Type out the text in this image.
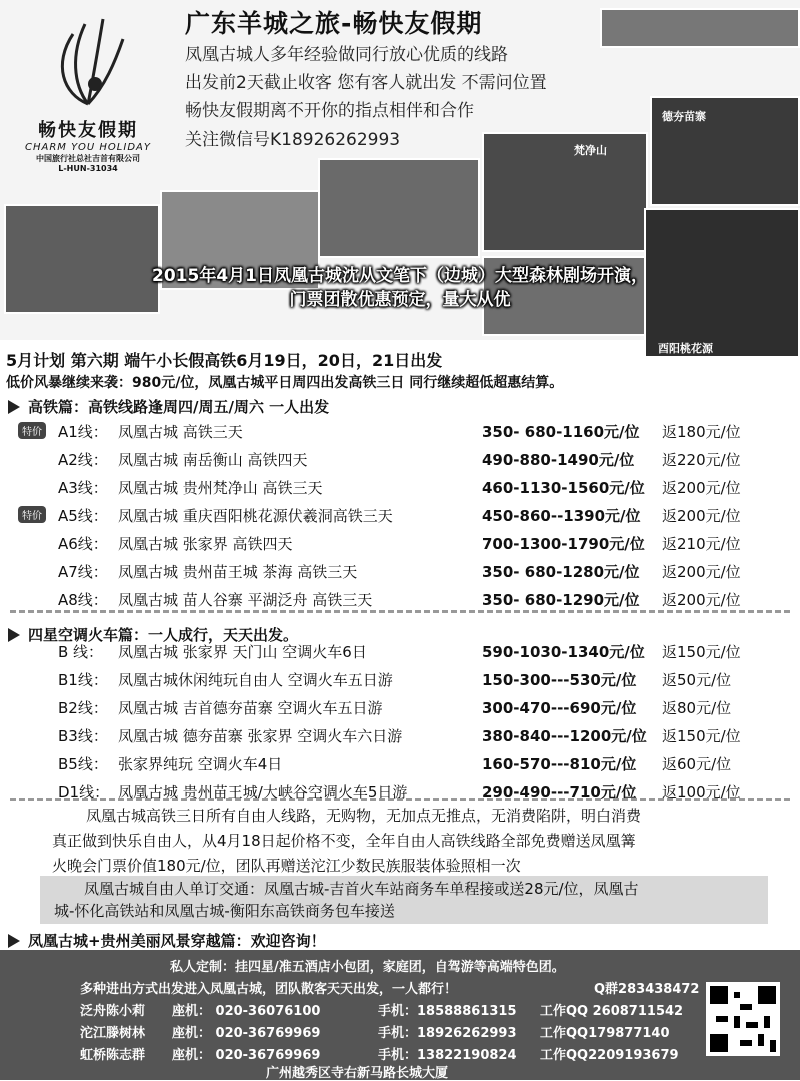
畅快友假期
CHARM YOU HOLIDAY
中国旅行社总社吉首有限公司
L-HUN-31034
广东羊城之旅-畅快友假期
凤凰古城人多年经验做同行放心优质的线路
出发前2天截止收客 您有客人就出发 不需问位置
畅快友假期离不开你的指点相伴和合作
关注微信号K18926262993
德夯苗寨
梵净山
酉阳桃花源
2015年4月1日凤凰古城沈从文笔下（边城）大型森林剧场开演，
门票团散优惠预定，量大从优
5月计划 第六期 端午小长假高铁6月19日，20日，21日出发
低价风暴继续来袭：980元/位，凤凰古城平日周四出发高铁三日 同行继续超低超惠结算。
高铁篇：高铁线路逢周四/周五/周六 一人出发
特价 A1线： 凤凰古城 高铁三天	350- 680-1160元/位 返180元/位
A2线： 凤凰古城 南岳衡山 高铁四天	490-880-1490元/位 返220元/位
A3线： 凤凰古城 贵州梵净山 高铁三天	460-1130-1560元/位 返200元/位
特价 A5线： 凤凰古城 重庆酉阳桃花源伏羲洞高铁三天	450-860--1390元/位 返200元/位
A6线： 凤凰古城 张家界 高铁四天	700-1300-1790元/位 返210元/位
A7线： 凤凰古城 贵州苗王城 茶海 高铁三天	350- 680-1280元/位 返200元/位
A8线： 凤凰古城 苗人谷寨 平湖泛舟 高铁三天	350- 680-1290元/位 返200元/位
四星空调火车篇：一人成行，天天出发。
B 线： 凤凰古城 张家界 天门山 空调火车6日	590-1030-1340元/位 返150元/位
B1线： 凤凰古城休闲纯玩自由人 空调火车五日游	150-300---530元/位 返50元/位
B2线： 凤凰古城 吉首德夯苗寨 空调火车五日游	300-470---690元/位 返80元/位
B3线： 凤凰古城 德夯苗寨 张家界 空调火车六日游	380-840---1200元/位 返150元/位
B5线： 张家界纯玩 空调火车4日	160-570---810元/位 返60元/位
D1线： 凤凰古城 贵州苗王城/大峡谷空调火车5日游	290-490---710元/位 返100元/位
凤凰古城高铁三日所有自由人线路，无购物，无加点无推点，无消费陷阱，明白消费
真正做到快乐自由人，从4月18日起价格不变，全年自由人高铁线路全部免费赠送凤凰篝
火晚会门票价值180元/位，团队再赠送沱江少数民族服装体验照相一次
凤凰古城自由人单订交通：凤凰古城-吉首火车站商务车单程接或送28元/位，凤凰古
城-怀化高铁站和凤凰古城-衡阳东高铁商务包车接送
凤凰古城+贵州美丽风景穿越篇：欢迎咨询！
私人定制：挂四星/准五酒店小包团，家庭团，自驾游等高端特色团。
多种进出方式出发进入凤凰古城，团队散客天天出发，一人都行！	Q群283438472
泛舟陈小莉 座机： 020-36076100	手机：18588861315 工作QQ 2608711542
沱江滕树林 座机： 020-36769969	手机：18926262993 工作QQ179877140
虹桥陈志群 座机： 020-36769969	手机：13822190824 工作QQ2209193679
广州越秀区寺右新马路长城大厦
